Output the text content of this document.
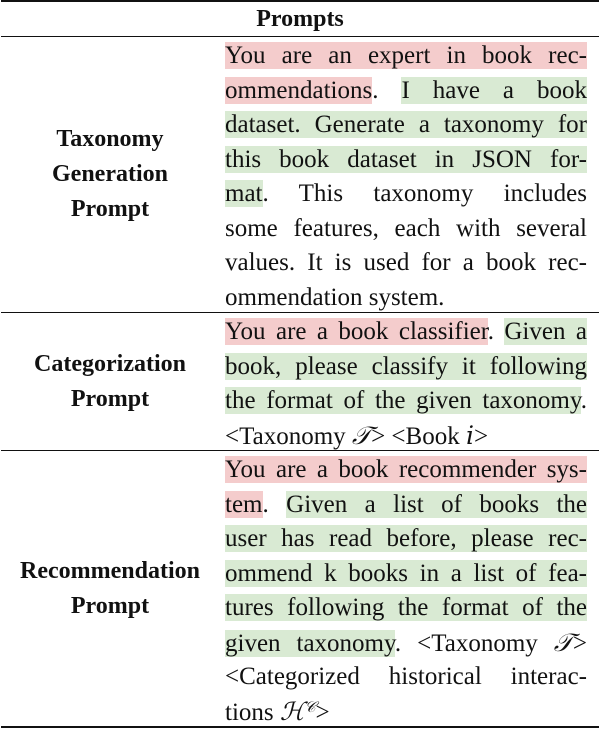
Prompts
Taxonomy
Generation
Prompt
You are an expert in book rec-
ommendations. I have a book
dataset. Generate a taxonomy for
this book dataset in JSON for-
mat. This taxonomy includes
some features, each with several
values. It is used for a book rec-
ommendation system.
Categorization
Prompt
You are a book classifier. Given a
book, please classify it following
the format of the given taxonomy.
<Taxonomy 𝒯> <Book i>
Recommendation
Prompt
You are a book recommender sys-
tem. Given a list of books the
user has read before, please rec-
ommend k books in a list of fea-
tures following the format of the
given taxonomy. <Taxonomy 𝒯>
<Categorized historical interac-
tions ℋ$^𝒞$>
